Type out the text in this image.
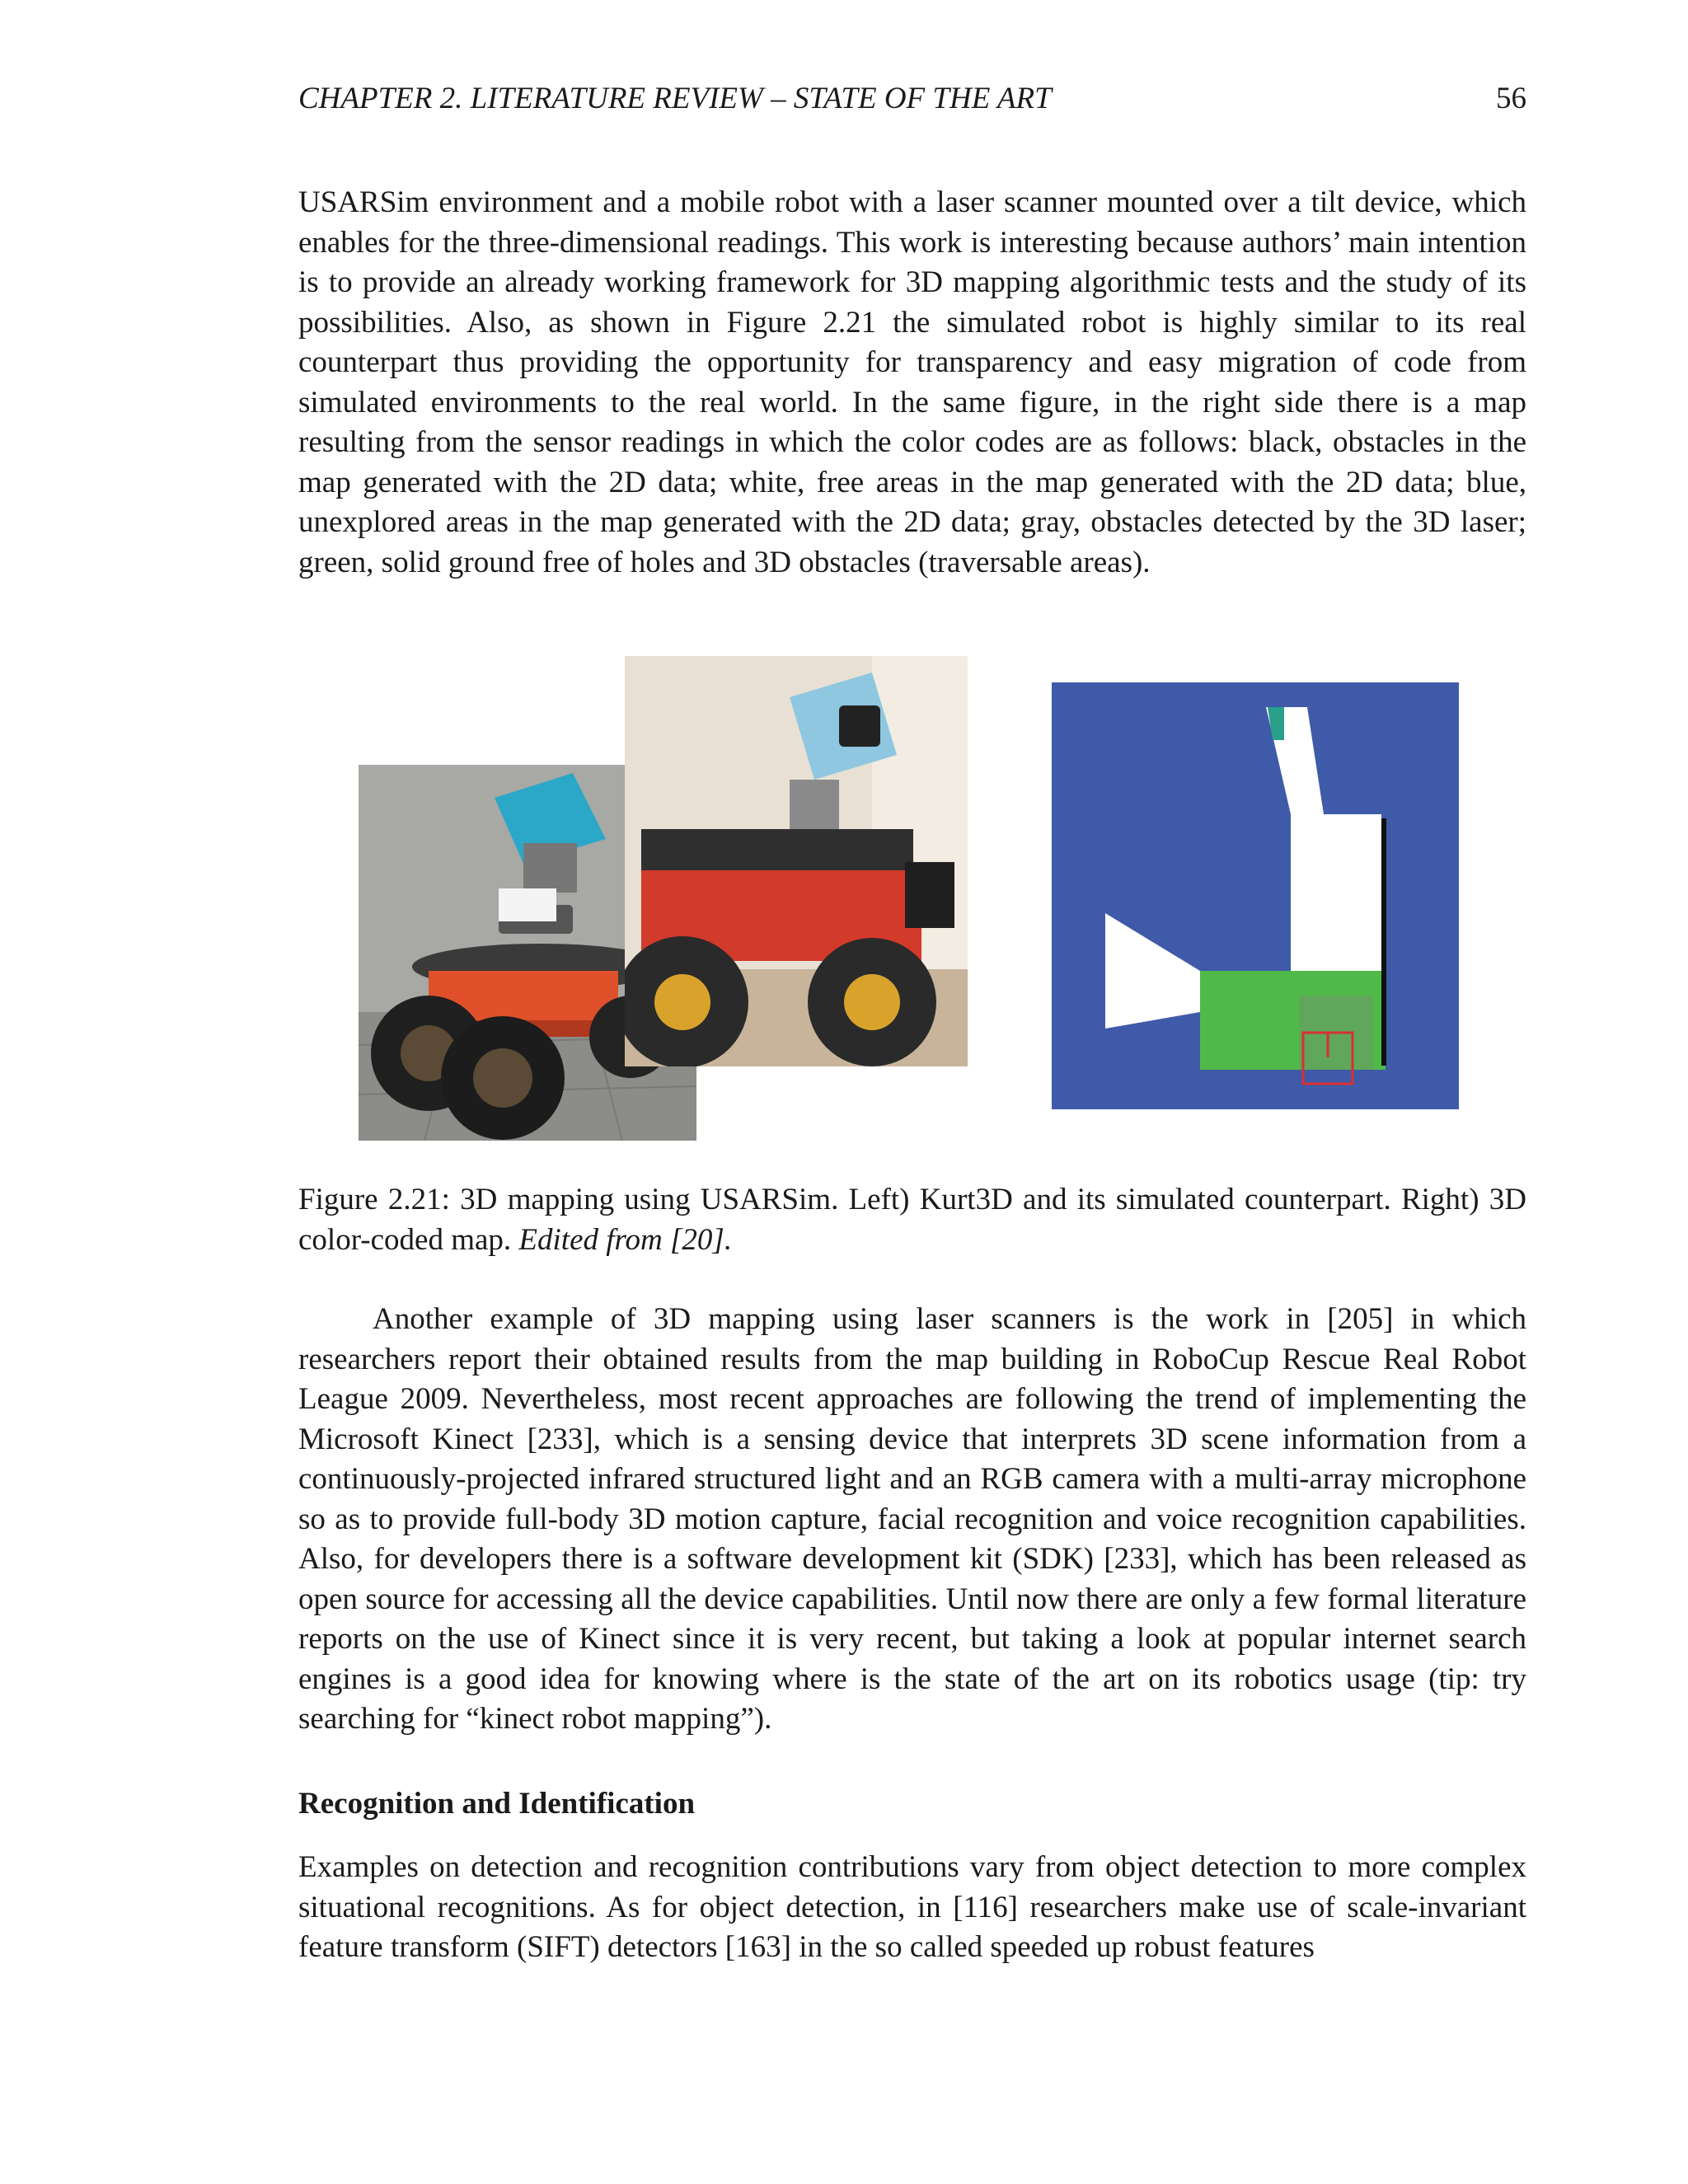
CHAPTER 2. LITERATURE REVIEW – STATE OF THE ART	56

USARSim environment and a mobile robot with a laser scanner mounted over a tilt device, which enables for the three-dimensional readings. This work is interesting because authors’ main intention is to provide an already working framework for 3D mapping algorithmic tests and the study of its possibilities. Also, as shown in Figure 2.21 the simulated robot is highly similar to its real counterpart thus providing the opportunity for transparency and easy migration of code from simulated environments to the real world. In the same figure, in the right side there is a map resulting from the sensor readings in which the color codes are as follows: black, obstacles in the map generated with the 2D data; white, free areas in the map generated with the 2D data; blue, unexplored areas in the map generated with the 2D data; gray, obstacles detected by the 3D laser; green, solid ground free of holes and 3D obstacles (traversable areas).

Figure 2.21: 3D mapping using USARSim. Left) Kurt3D and its simulated counterpart. Right) 3D color-coded map. Edited from [20].

Another example of 3D mapping using laser scanners is the work in [205] in which researchers report their obtained results from the map building in RoboCup Rescue Real Robot League 2009. Nevertheless, most recent approaches are following the trend of implementing the Microsoft Kinect [233], which is a sensing device that interprets 3D scene information from a continuously-projected infrared structured light and an RGB camera with a multi-array microphone so as to provide full-body 3D motion capture, facial recognition and voice recognition capabilities. Also, for developers there is a software development kit (SDK) [233], which has been released as open source for accessing all the device capabilities. Until now there are only a few formal literature reports on the use of Kinect since it is very recent, but taking a look at popular internet search engines is a good idea for knowing where is the state of the art on its robotics usage (tip: try searching for “kinect robot mapping”).

Recognition and Identification

Examples on detection and recognition contributions vary from object detection to more complex situational recognitions. As for object detection, in [116] researchers make use of scale-invariant feature transform (SIFT) detectors [163] in the so called speeded up robust features
